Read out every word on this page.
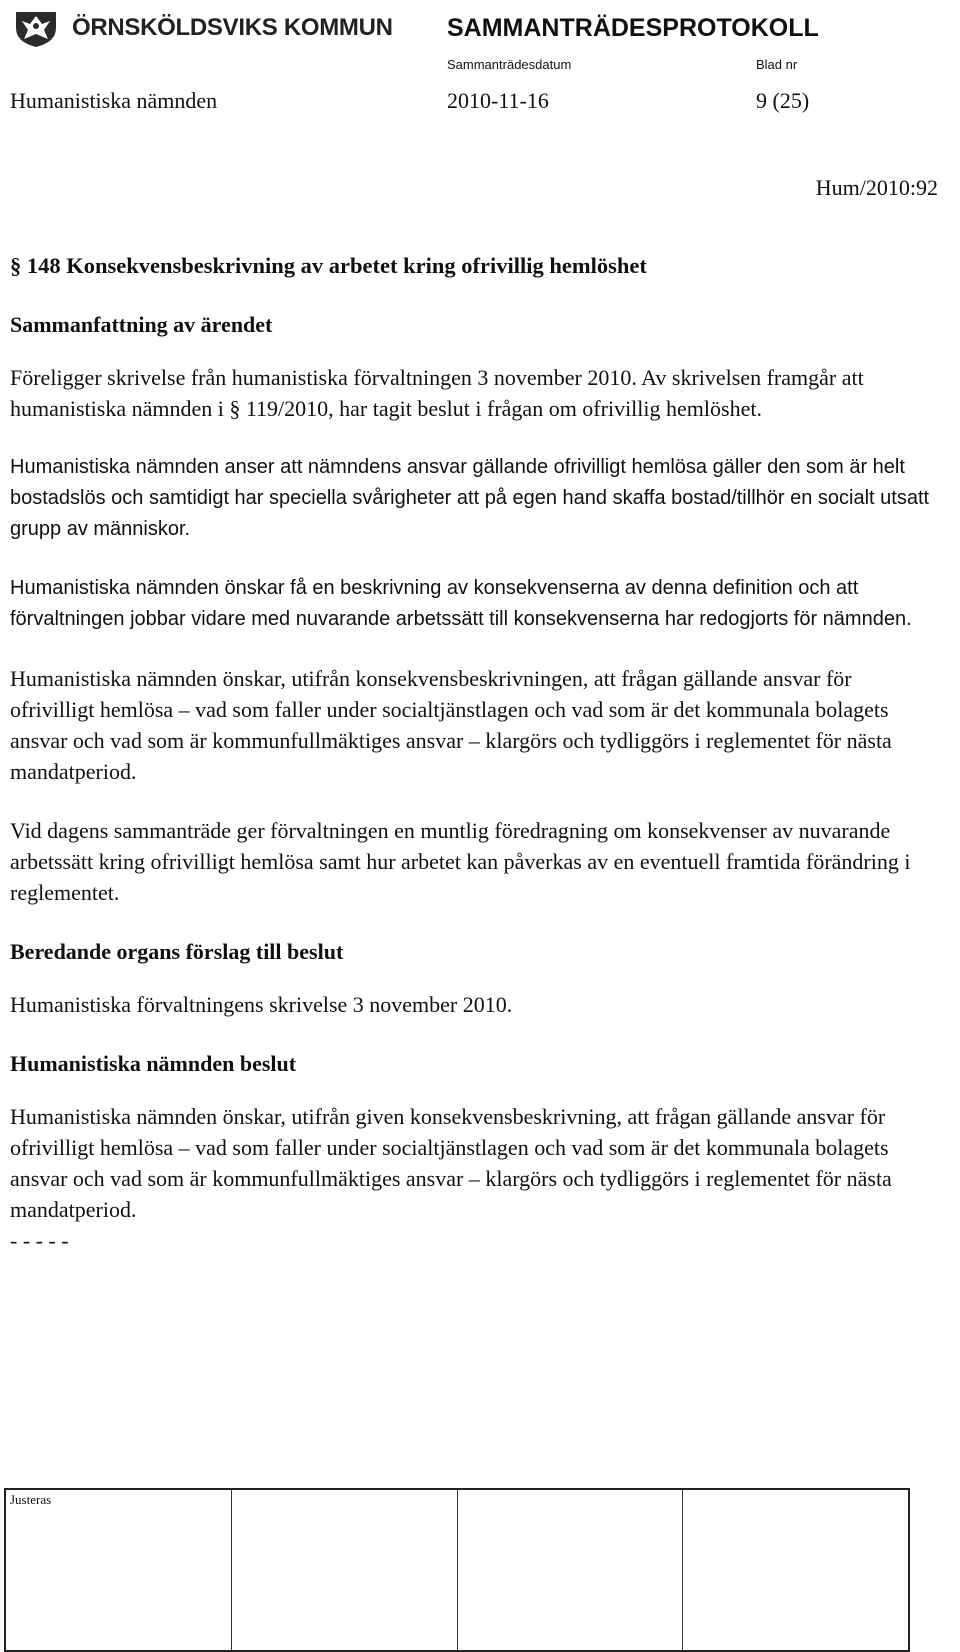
ÖRNSKÖLDSVIKS KOMMUN SAMMANTRÄDESPROTOKOLL
Sammanträdesdatum	Blad nr
Humanistiska nämnden	2010-11-16	9 (25)
Hum/2010:92
§ 148 Konsekvensbeskrivning av arbetet kring ofrivillig hemlöshet
Sammanfattning av ärendet

Föreligger skrivelse från humanistiska förvaltningen 3 november 2010. Av skrivelsen framgår att humanistiska nämnden i § 119/2010, har tagit beslut i frågan om ofrivillig hemlöshet.

Humanistiska nämnden anser att nämndens ansvar gällande ofrivilligt hemlösa gäller den som är helt bostadslös och samtidigt har speciella svårigheter att på egen hand skaffa bostad/tillhör en socialt utsatt grupp av människor.

Humanistiska nämnden önskar få en beskrivning av konsekvenserna av denna definition och att förvaltningen jobbar vidare med nuvarande arbetssätt till konsekvenserna har redogjorts för nämnden.

Humanistiska nämnden önskar, utifrån konsekvensbeskrivningen, att frågan gällande ansvar för ofrivilligt hemlösa – vad som faller under socialtjänstlagen och vad som är det kommunala bolagets ansvar och vad som är kommunfullmäktiges ansvar – klargörs och tydliggörs i reglementet för nästa mandatperiod.

Vid dagens sammanträde ger förvaltningen en muntlig föredragning om konsekvenser av nuvarande arbetssätt kring ofrivilligt hemlösa samt hur arbetet kan påverkas av en eventuell framtida förändring i reglementet.

Beredande organs förslag till beslut

Humanistiska förvaltningens skrivelse 3 november 2010.

Humanistiska nämnden beslut

Humanistiska nämnden önskar, utifrån given konsekvensbeskrivning, att frågan gällande ansvar för ofrivilligt hemlösa – vad som faller under socialtjänstlagen och vad som är det kommunala bolagets ansvar och vad som är kommunfullmäktiges ansvar – klargörs och tydliggörs i reglementet för nästa mandatperiod.

- - - - -
Justeras
